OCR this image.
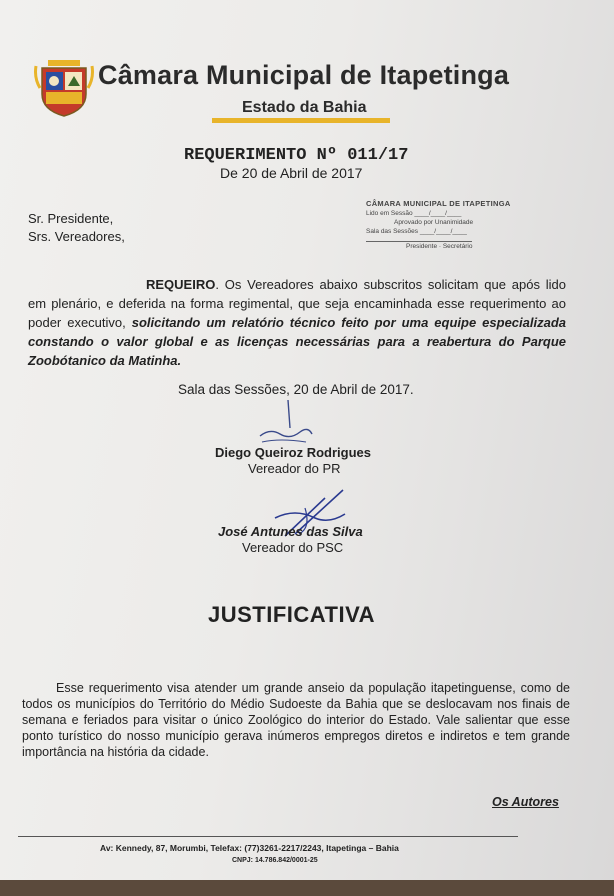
Câmara Municipal de Itapetinga
Estado da Bahia
REQUERIMENTO Nº 011/17
De 20 de Abril de 2017
Sr. Presidente,
Srs. Vereadores,
CÂMARA MUNICIPAL DE ITAPETINGA
Lido em Sessão ____/____/____
Aprovado por Unanimidade
Sala das Sessões ____/____/____
Presidente · Secretário
REQUEIRO. Os Vereadores abaixo subscritos solicitam que após lido em plenário, e deferida na forma regimental, que seja encaminhada esse requerimento ao poder executivo, solicitando um relatório técnico feito por uma equipe especializada constando o valor global e as licenças necessárias para a reabertura do Parque Zoobótanico da Matinha.
Sala das Sessões, 20 de Abril de 2017.
Diego Queiroz Rodrigues
Vereador do PR
José Antunes das Silva
Vereador do PSC
JUSTIFICATIVA

Esse requerimento visa atender um grande anseio da população itapetinguense, como de todos os municípios do Território do Médio Sudoeste da Bahia que se deslocavam nos finais de semana e feriados para visitar o único Zoológico do interior do Estado. Vale salientar que esse ponto turístico do nosso município gerava inúmeros empregos diretos e indiretos e tem grande importância na história da cidade.

Os Autores
Av: Kennedy, 87, Morumbi, Telefax: (77)3261-2217/2243, Itapetinga – Bahia
CNPJ: 14.786.842/0001-25
